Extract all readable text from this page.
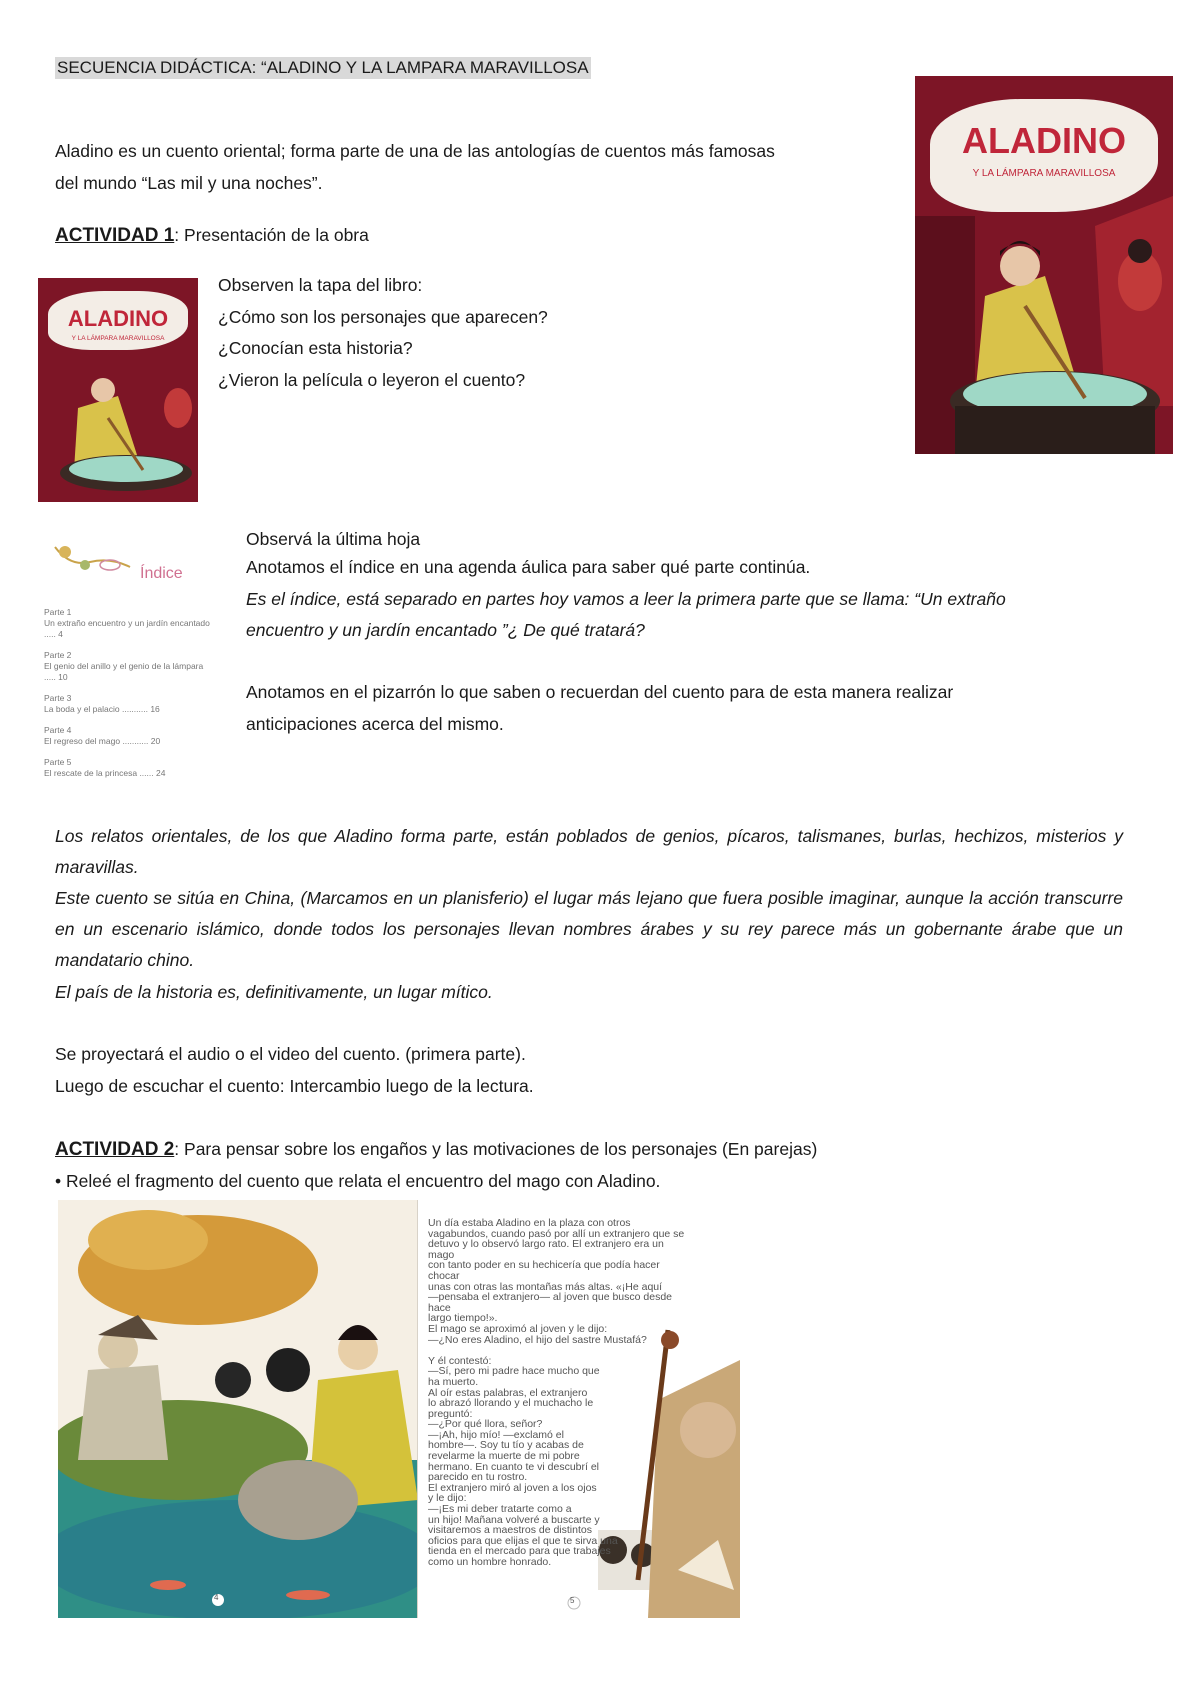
SECUENCIA DIDÁCTICA: “ALADINO Y LA LAMPARA MARAVILLOSA
Aladino es un cuento oriental; forma parte de una de las antologías de cuentos más famosas
del mundo “Las mil y una noches”.
ALADINO
Y LA LÁMPARA MARAVILLOSA
ACTIVIDAD 1: Presentación de la obra
ALADINO
Y LA LÁMPARA MARAVILLOSA
Observen la tapa del libro:
¿Cómo son los personajes que aparecen?
¿Conocían esta historia?
¿Vieron la película o leyeron el cuento?
Índice
Parte 1
Un extraño encuentro y un jardín encantado ..... 4
Parte 2
El genio del anillo y el genio de la lámpara ..... 10
Parte 3
La boda y el palacio ........... 16
Parte 4
El regreso del mago ........... 20
Parte 5
El rescate de la princesa ...... 24
Observá la última hoja
Anotamos el índice en una agenda áulica para saber qué parte continúa.
Es el índice, está separado en partes hoy vamos a leer la primera parte que se llama: “Un extraño
encuentro y un jardín encantado ”¿ De qué tratará?
Anotamos en el pizarrón lo que saben o recuerdan del cuento para de esta manera realizar
anticipaciones acerca del mismo.
Los relatos orientales, de los que Aladino forma parte, están poblados de genios, pícaros, talismanes, burlas, hechizos, misterios y maravillas.
Este cuento se sitúa en China, (Marcamos en un planisferio) el lugar más lejano que fuera posible imaginar, aunque la acción transcurre en un escenario islámico, donde todos los personajes llevan nombres árabes y su rey parece más un gobernante árabe que un mandatario chino.
El país de la historia es, definitivamente, un lugar mítico.
Se proyectará el audio o el video del cuento. (primera parte).
Luego de escuchar el cuento: Intercambio luego de la lectura.
ACTIVIDAD 2: Para pensar sobre los engaños y las motivaciones de los personajes (En parejas)
• Releé el fragmento del cuento que relata el encuentro del mago con Aladino.
Un día estaba Aladino en la plaza con otros
vagabundos, cuando pasó por allí un extranjero que se
detuvo y lo observó largo rato. El extranjero era un mago
con tanto poder en su hechicería que podía hacer chocar
unas con otras las montañas más altas. «¡He aquí
—pensaba el extranjero— al joven que busco desde hace
largo tiempo!».
El mago se aproximó al joven y le dijo:
—¿No eres Aladino, el hijo del sastre Mustafá?

Y él contestó:
—Sí, pero mi padre hace mucho que
ha muerto.
Al oír estas palabras, el extranjero
lo abrazó llorando y el muchacho le
preguntó:
—¿Por qué llora, señor?
—¡Ah, hijo mío! —exclamó el
hombre—. Soy tu tío y acabas de
revelarme la muerte de mi pobre
hermano. En cuanto te vi descubrí el
parecido en tu rostro.
El extranjero miró al joven a los ojos
y le dijo:
—¡Es mi deber tratarte como a
un hijo! Mañana volveré a buscarte y
visitaremos a maestros de distintos
oficios para que elijas el que te sirva una
tienda en el mercado para que trabajes
como un hombre honrado.
4	5
